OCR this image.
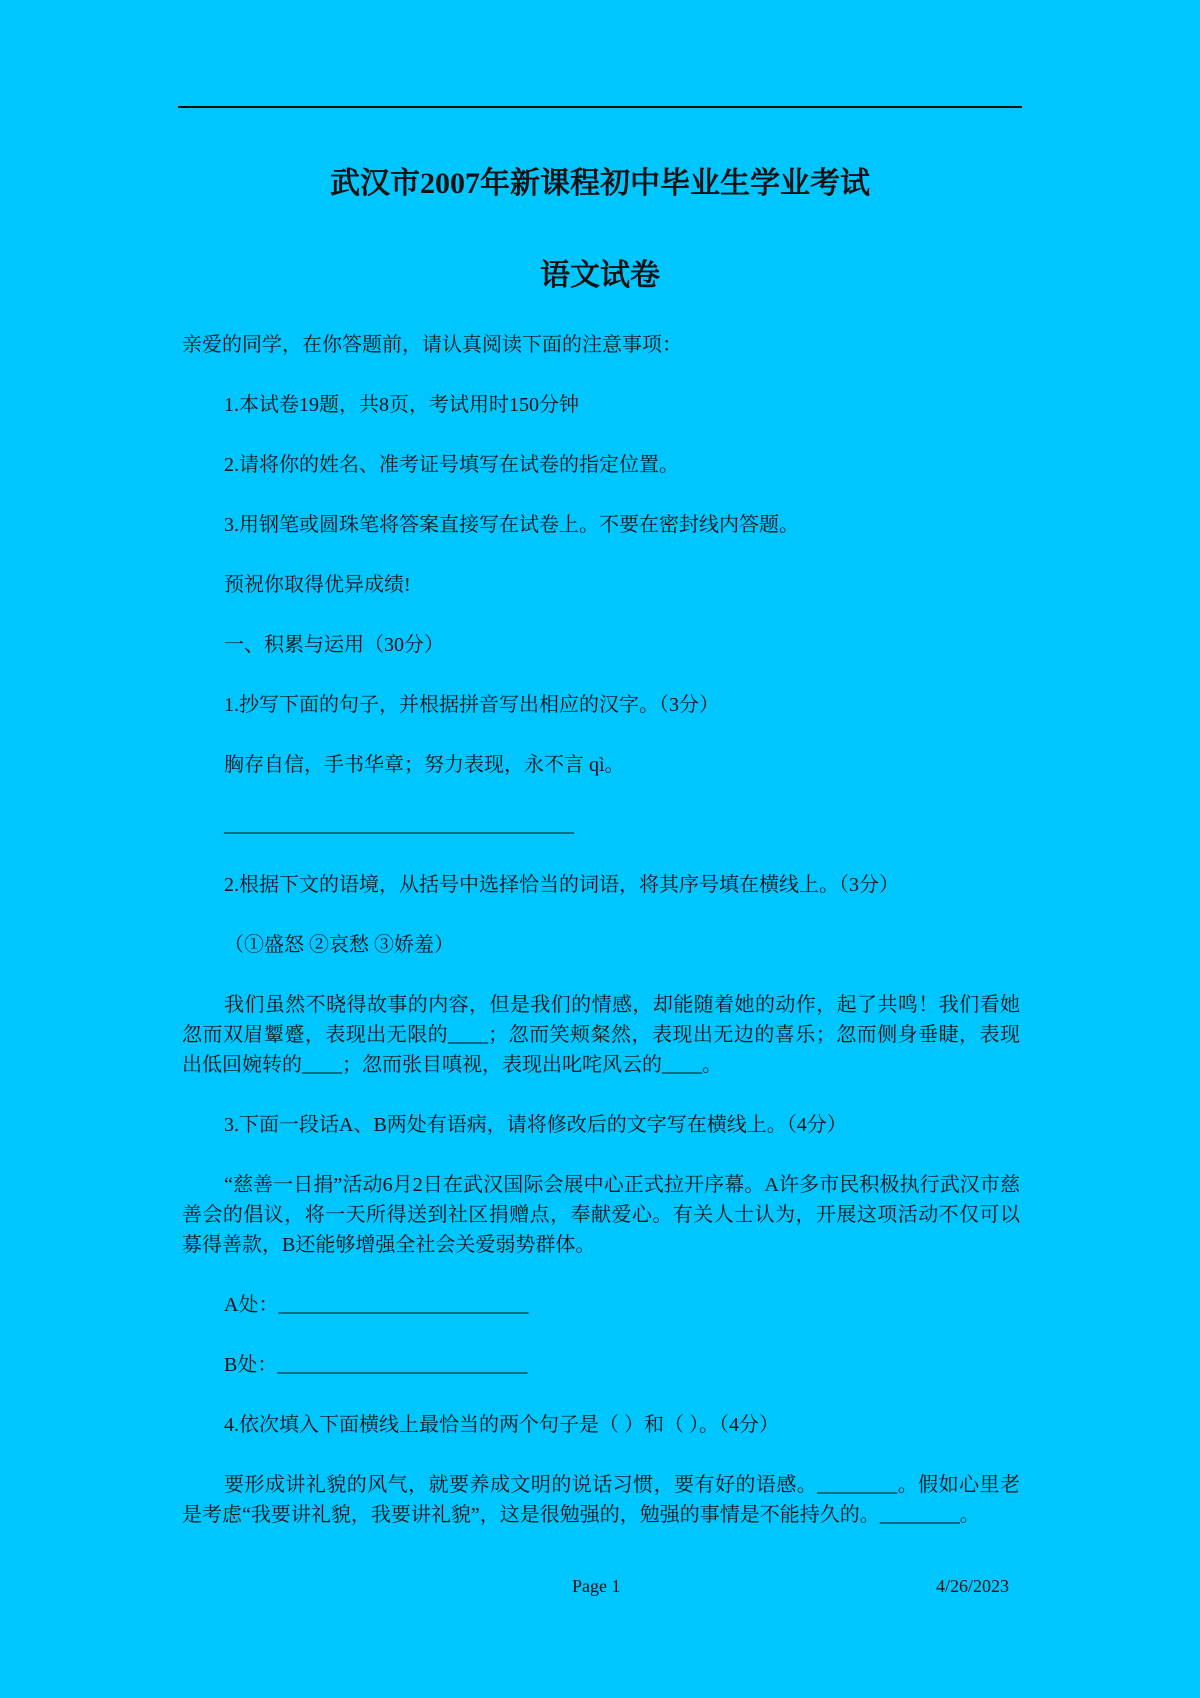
武汉市2007年新课程初中毕业生学业考试
语文试卷

亲爱的同学，在你答题前，请认真阅读下面的注意事项：

1.本试卷19题，共8页，考试用时150分钟

2.请将你的姓名、准考证号填写在试卷的指定位置。

3.用钢笔或圆珠笔将答案直接写在试卷上。不要在密封线内答题。

预祝你取得优异成绩!

一、积累与运用（30分）

1.抄写下面的句子，并根据拼音写出相应的汉字。（3分）

胸存自信，手书华章；努力表现，永不言 qì。

___________________________________

2.根据下文的语境，从括号中选择恰当的词语，将其序号填在横线上。（3分）

（①盛怒 ②哀愁 ③娇羞）

我们虽然不晓得故事的内容，但是我们的情感，却能随着她的动作，起了共鸣！我们看她忽而双眉颦蹙，表现出无限的____；忽而笑颊粲然，表现出无边的喜乐；忽而侧身垂睫，表现出低回婉转的____；忽而张目嗔视，表现出叱咤风云的____。

3.下面一段话A、B两处有语病，请将修改后的文字写在横线上。（4分）

“慈善一日捐”活动6月2日在武汉国际会展中心正式拉开序幕。A许多市民积极执行武汉市慈善会的倡议，将一天所得送到社区捐赠点，奉献爱心。有关人士认为，开展这项活动不仅可以募得善款，B还能够增强全社会关爱弱势群体。

A处：_________________________

B处：_________________________

4.依次填入下面横线上最恰当的两个句子是（ ）和（ ）。（4分）

要形成讲礼貌的风气，就要养成文明的说话习惯，要有好的语感。________。假如心里老是考虑“我要讲礼貌，我要讲礼貌”，这是很勉强的，勉强的事情是不能持久的。________。

Page 1	4/26/2023
